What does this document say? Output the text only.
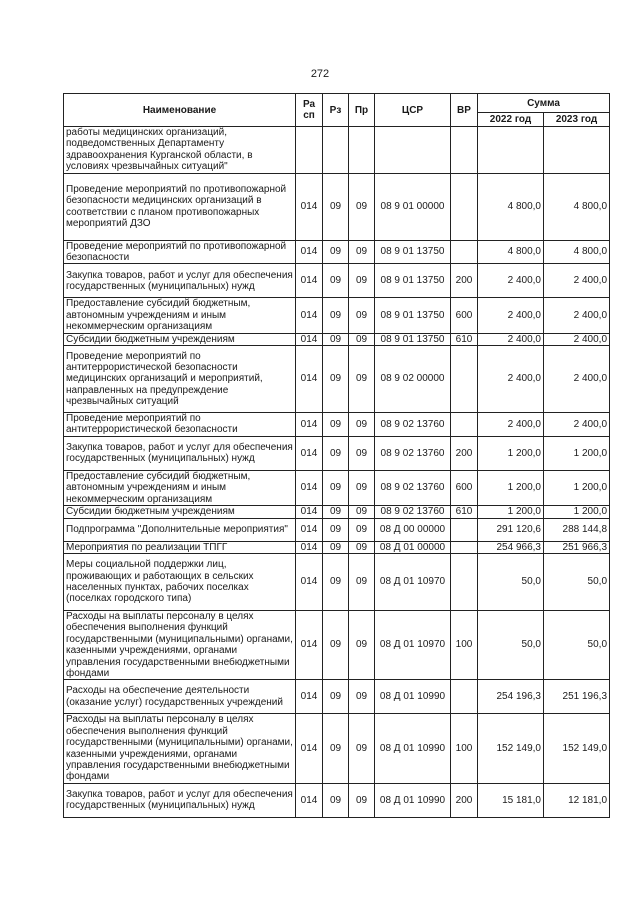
272
Наименование	Ра сп	Рз	Пр	ЦСР	ВР	Сумма	
						2022 год	2023 год
работы медицинских организаций, подведомственных Департаменту здравоохранения Курганской области, в условиях чрезвычайных ситуаций"							
Проведение мероприятий по противопожарной безопасности медицинских организаций в соответствии с планом противопожарных мероприятий ДЗО	014	09	09	08 9 01 00000		4 800,0	4 800,0
Проведение мероприятий по противопожарной безопасности	014	09	09	08 9 01 13750		4 800,0	4 800,0
Закупка товаров, работ и услуг для обеспечения государственных (муниципальных) нужд	014	09	09	08 9 01 13750	200	2 400,0	2 400,0
Предоставление субсидий бюджетным, автономным учреждениям и иным некоммерческим организациям	014	09	09	08 9 01 13750	600	2 400,0	2 400,0
Субсидии бюджетным учреждениям	014	09	09	08 9 01 13750	610	2 400,0	2 400,0
Проведение мероприятий по антитеррористической безопасности медицинских организаций и мероприятий, направленных на предупреждение чрезвычайных ситуаций	014	09	09	08 9 02 00000		2 400,0	2 400,0
Проведение мероприятий по антитеррористической безопасности	014	09	09	08 9 02 13760		2 400,0	2 400,0
Закупка товаров, работ и услуг для обеспечения государственных (муниципальных) нужд	014	09	09	08 9 02 13760	200	1 200,0	1 200,0
Предоставление субсидий бюджетным, автономным учреждениям и иным некоммерческим организациям	014	09	09	08 9 02 13760	600	1 200,0	1 200,0
Субсидии бюджетным учреждениям	014	09	09	08 9 02 13760	610	1 200,0	1 200,0
Подпрограмма "Дополнительные мероприятия"	014	09	09	08 Д 00 00000		291 120,6	288 144,8
Мероприятия по реализации ТПГГ	014	09	09	08 Д 01 00000		254 966,3	251 966,3
Меры социальной поддержки лиц, проживающих и работающих в сельских населенных пунктах, рабочих поселках (поселках городского типа)	014	09	09	08 Д 01 10970		50,0	50,0
Расходы на выплаты персоналу в целях обеспечения выполнения функций государственными (муниципальными) органами, казенными учреждениями, органами управления государственными внебюджетными фондами	014	09	09	08 Д 01 10970	100	50,0	50,0
Расходы на обеспечение деятельности (оказание услуг) государственных учреждений	014	09	09	08 Д 01 10990		254 196,3	251 196,3
Расходы на выплаты персоналу в целях обеспечения выполнения функций государственными (муниципальными) органами, казенными учреждениями, органами управления государственными внебюджетными фондами	014	09	09	08 Д 01 10990	100	152 149,0	152 149,0
Закупка товаров, работ и услуг для обеспечения государственных (муниципальных) нужд	014	09	09	08 Д 01 10990	200	15 181,0	12 181,0
